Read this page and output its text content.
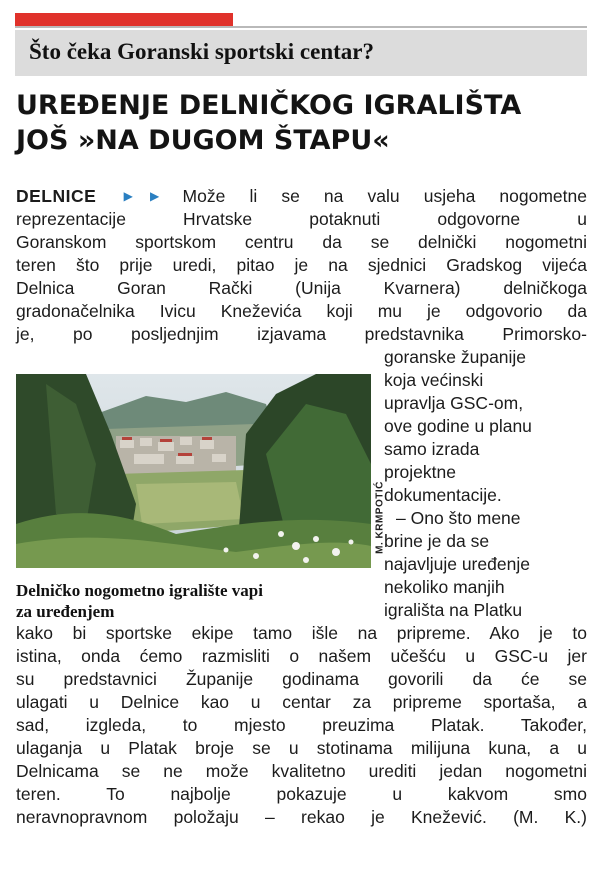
Što čeka Goranski sportski centar?
UREĐENJE DELNIČKOG IGRALIŠTA
JOŠ »NA DUGOM ŠTAPU«
DELNICE ▶▶ Može li se na valu usjeha nogometne
reprezentacije Hrvatske potaknuti odgovorne u
Goranskom sportskom centru da se delnički nogometni
teren što prije uredi, pitao je na sjednici Gradskog vijeća
Delnica Goran Rački (Unija Kvarnera) delničkoga
gradonačelnika Ivicu Kneževića koji mu je odgovorio da
je, po posljednjim izjavama predstavnika Primorsko-
goranske županije
koja većinski
upravlja GSC-om,
ove godine u planu
samo izrada
projektne
dokumentacije.
– Ono što mene
brine je da se
najavljuje uređenje
nekoliko manjih
igrališta na Platku
kako bi sportske ekipe tamo išle na pripreme. Ako je to
istina, onda ćemo razmisliti o našem učešću u GSC-u jer
su predstavnici Županije godinama govorili da će se
ulagati u Delnice kao u centar za pripreme sportaša, a
sad, izgleda, to mjesto preuzima Platak. Također,
ulaganja u Platak broje se u stotinama milijuna kuna, a u
Delnicama se ne može kvalitetno urediti jedan nogometni
teren. To najbolje pokazuje u kakvom smo
neravnopravnom položaju – rekao je Knežević. (M. K.)
M. KRMPOTIĆ
Delničko nogometno igralište vapi
za uređenjem
